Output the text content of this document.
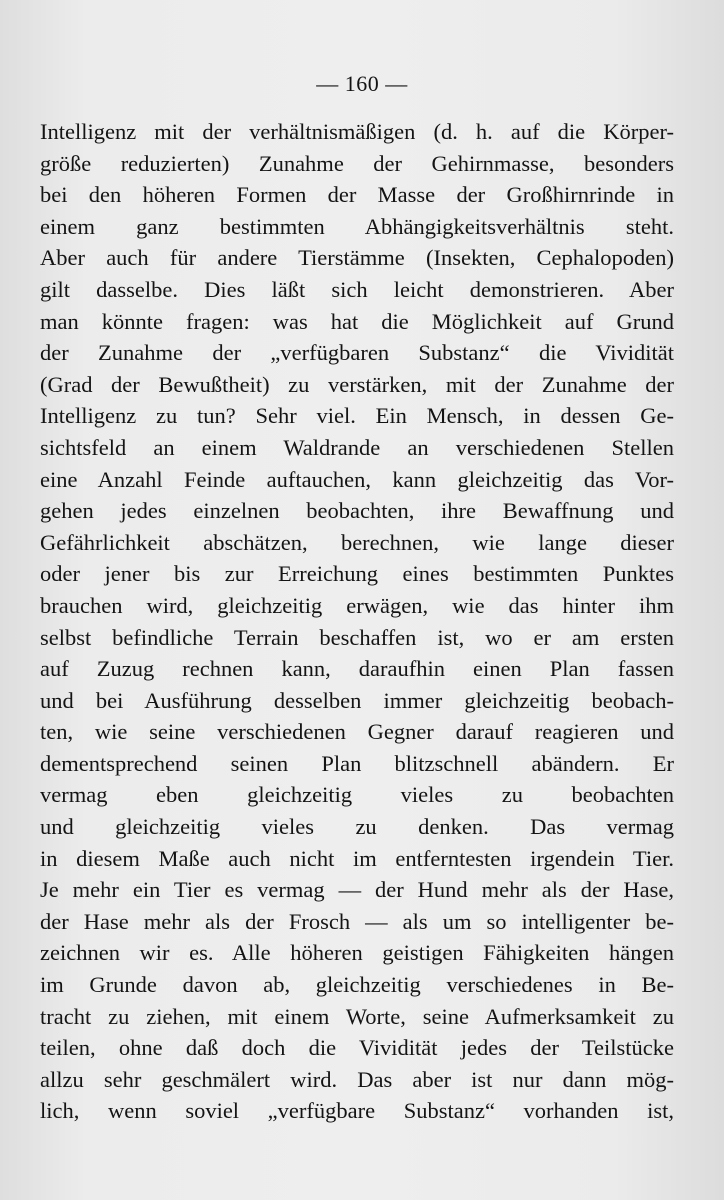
— 160 —
Intelligenz mit der verhältnismäßigen (d. h. auf die Körper-
größe reduzierten) Zunahme der Gehirnmasse, besonders
bei den höheren Formen der Masse der Großhirnrinde in
einem ganz bestimmten Abhängigkeitsverhältnis steht.
Aber auch für andere Tierstämme (Insekten, Cephalopoden)
gilt dasselbe. Dies läßt sich leicht demonstrieren. Aber
man könnte fragen: was hat die Möglichkeit auf Grund
der Zunahme der „verfügbaren Substanz“ die Vividität
(Grad der Bewußtheit) zu verstärken, mit der Zunahme der
Intelligenz zu tun? Sehr viel. Ein Mensch, in dessen Ge-
sichtsfeld an einem Waldrande an verschiedenen Stellen
eine Anzahl Feinde auftauchen, kann gleichzeitig das Vor-
gehen jedes einzelnen beobachten, ihre Bewaffnung und
Gefährlichkeit abschätzen, berechnen, wie lange dieser
oder jener bis zur Erreichung eines bestimmten Punktes
brauchen wird, gleichzeitig erwägen, wie das hinter ihm
selbst befindliche Terrain beschaffen ist, wo er am ersten
auf Zuzug rechnen kann, daraufhin einen Plan fassen
und bei Ausführung desselben immer gleichzeitig beobach-
ten, wie seine verschiedenen Gegner darauf reagieren und
dementsprechend seinen Plan blitzschnell abändern. Er
vermag eben gleichzeitig vieles zu beobachten
und gleichzeitig vieles zu denken. Das vermag
in diesem Maße auch nicht im entferntesten irgendein Tier.
Je mehr ein Tier es vermag — der Hund mehr als der Hase,
der Hase mehr als der Frosch — als um so intelligenter be-
zeichnen wir es. Alle höheren geistigen Fähigkeiten hängen
im Grunde davon ab, gleichzeitig verschiedenes in Be-
tracht zu ziehen, mit einem Worte, seine Aufmerksamkeit zu
teilen, ohne daß doch die Vividität jedes der Teilstücke
allzu sehr geschmälert wird. Das aber ist nur dann mög-
lich, wenn soviel „verfügbare Substanz“ vorhanden ist,
